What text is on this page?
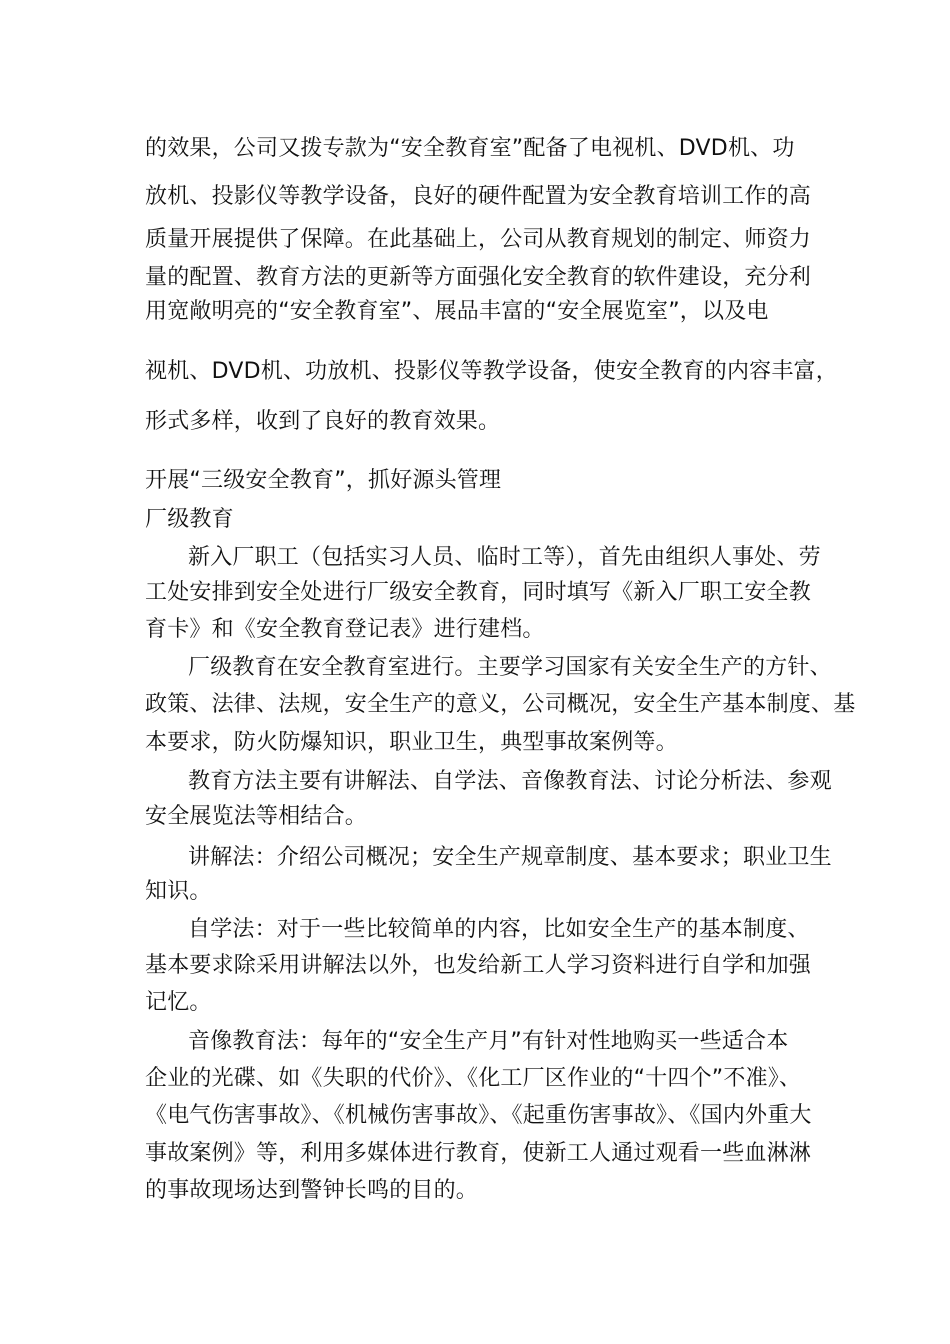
的效果，公司又拨专款为“安全教育室”配备了电视机、DVD机、功
放机、投影仪等教学设备，良好的硬件配置为安全教育培训工作的高
质量开展提供了保障。在此基础上，公司从教育规划的制定、师资力
量的配置、教育方法的更新等方面强化安全教育的软件建设，充分利
用宽敞明亮的“安全教育室”、展品丰富的“安全展览室”，以及电
视机、DVD机、功放机、投影仪等教学设备，使安全教育的内容丰富，
形式多样，收到了良好的教育效果。
开展“三级安全教育”，抓好源头管理
厂级教育
新入厂职工（包括实习人员、临时工等），首先由组织人事处、劳
工处安排到安全处进行厂级安全教育，同时填写《新入厂职工安全教
育卡》和《安全教育登记表》进行建档。
厂级教育在安全教育室进行。主要学习国家有关安全生产的方针、
政策、法律、法规，安全生产的意义，公司概况，安全生产基本制度、基
本要求，防火防爆知识，职业卫生，典型事故案例等。
教育方法主要有讲解法、自学法、音像教育法、讨论分析法、参观
安全展览法等相结合。
讲解法：介绍公司概况；安全生产规章制度、基本要求；职业卫生
知识。
自学法：对于一些比较简单的内容，比如安全生产的基本制度、
基本要求除采用讲解法以外，也发给新工人学习资料进行自学和加强
记忆。
音像教育法：每年的“安全生产月”有针对性地购买一些适合本
企业的光碟、如《失职的代价》、《化工厂区作业的“十四个”不准》、
《电气伤害事故》、《机械伤害事故》、《起重伤害事故》、《国内外重大
事故案例》等，利用多媒体进行教育，使新工人通过观看一些血淋淋
的事故现场达到警钟长鸣的目的。
